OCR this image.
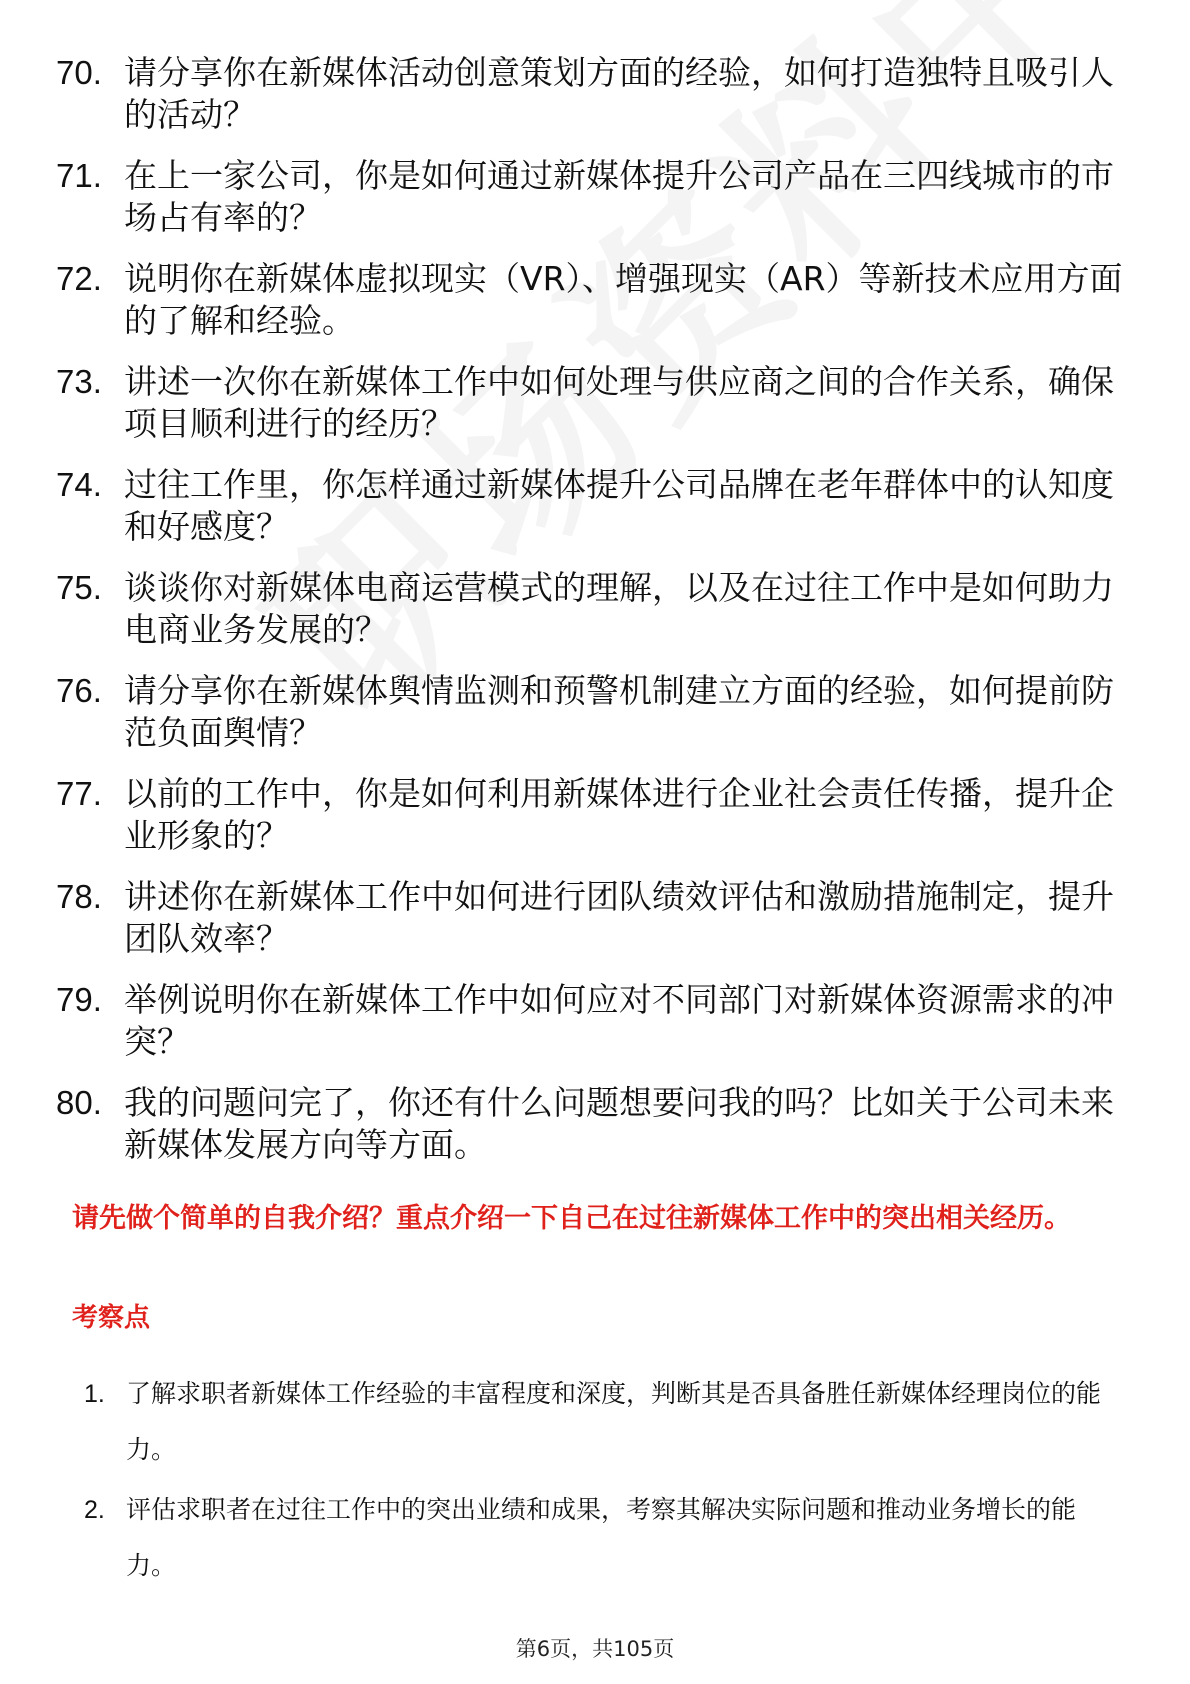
70. 请分享你在新媒体活动创意策划方面的经验，如何打造独特且吸引人的活动？
71. 在上一家公司，你是如何通过新媒体提升公司产品在三四线城市的市场占有率的？
72. 说明你在新媒体虚拟现实（VR）、增强现实（AR）等新技术应用方面的了解和经验。
73. 讲述一次你在新媒体工作中如何处理与供应商之间的合作关系，确保项目顺利进行的经历？
74. 过往工作里，你怎样通过新媒体提升公司品牌在老年群体中的认知度和好感度？
75. 谈谈你对新媒体电商运营模式的理解，以及在过往工作中是如何助力电商业务发展的？
76. 请分享你在新媒体舆情监测和预警机制建立方面的经验，如何提前防范负面舆情？
77. 以前的工作中，你是如何利用新媒体进行企业社会责任传播，提升企业形象的？
78. 讲述你在新媒体工作中如何进行团队绩效评估和激励措施制定，提升团队效率？
79. 举例说明你在新媒体工作中如何应对不同部门对新媒体资源需求的冲突？
80. 我的问题问完了，你还有什么问题想要问我的吗？比如关于公司未来新媒体发展方向等方面。
请先做个简单的自我介绍？重点介绍一下自己在过往新媒体工作中的突出相关经历。
考察点
1. 了解求职者新媒体工作经验的丰富程度和深度，判断其是否具备胜任新媒体经理岗位的能力。
2. 评估求职者在过往工作中的突出业绩和成果，考察其解决实际问题和推动业务增长的能力。
第6页，共105页
